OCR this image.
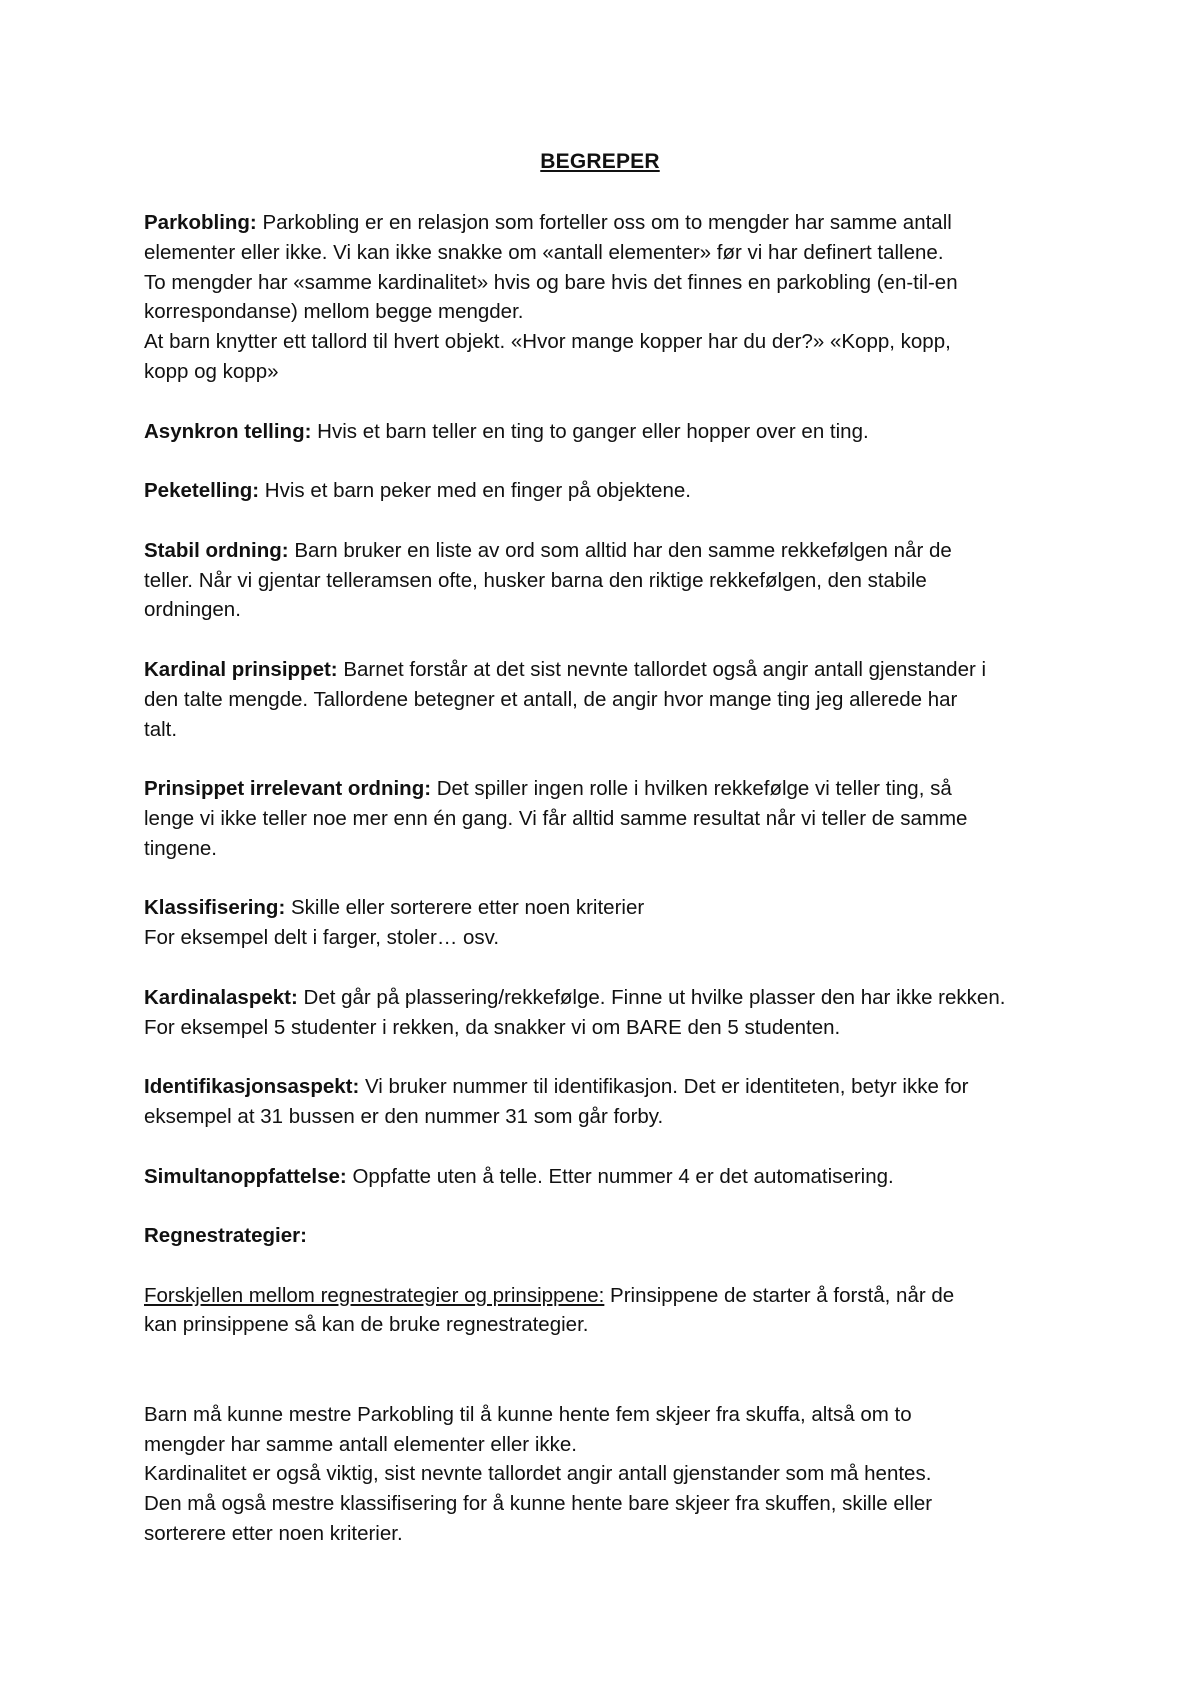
BEGREPER

Parkobling: Parkobling er en relasjon som forteller oss om to mengder har samme antall
elementer eller ikke. Vi kan ikke snakke om «antall elementer» før vi har definert tallene.
To mengder har «samme kardinalitet» hvis og bare hvis det finnes en parkobling (en-til-en
korrespondanse) mellom begge mengder.
At barn knytter ett tallord til hvert objekt. «Hvor mange kopper har du der?» «Kopp, kopp,
kopp og kopp»

Asynkron telling: Hvis et barn teller en ting to ganger eller hopper over en ting.

Peketelling: Hvis et barn peker med en finger på objektene.

Stabil ordning: Barn bruker en liste av ord som alltid har den samme rekkefølgen når de
teller. Når vi gjentar telleramsen ofte, husker barna den riktige rekkefølgen, den stabile
ordningen.

Kardinal prinsippet: Barnet forstår at det sist nevnte tallordet også angir antall gjenstander i
den talte mengde. Tallordene betegner et antall, de angir hvor mange ting jeg allerede har
talt.

Prinsippet irrelevant ordning: Det spiller ingen rolle i hvilken rekkefølge vi teller ting, så
lenge vi ikke teller noe mer enn én gang. Vi får alltid samme resultat når vi teller de samme
tingene.

Klassifisering: Skille eller sorterere etter noen kriterier
For eksempel delt i farger, stoler… osv.

Kardinalaspekt: Det går på plassering/rekkefølge. Finne ut hvilke plasser den har ikke rekken.
For eksempel 5 studenter i rekken, da snakker vi om BARE den 5 studenten.

Identifikasjonsaspekt: Vi bruker nummer til identifikasjon. Det er identiteten, betyr ikke for
eksempel at 31 bussen er den nummer 31 som går forby.

Simultanoppfattelse: Oppfatte uten å telle. Etter nummer 4 er det automatisering.

Regnestrategier:

Forskjellen mellom regnestrategier og prinsippene: Prinsippene de starter å forstå, når de
kan prinsippene så kan de bruke regnestrategier.

Barn må kunne mestre Parkobling til å kunne hente fem skjeer fra skuffa, altså om to
mengder har samme antall elementer eller ikke.
Kardinalitet er også viktig, sist nevnte tallordet angir antall gjenstander som må hentes.
Den må også mestre klassifisering for å kunne hente bare skjeer fra skuffen, skille eller
sorterere etter noen kriterier.
